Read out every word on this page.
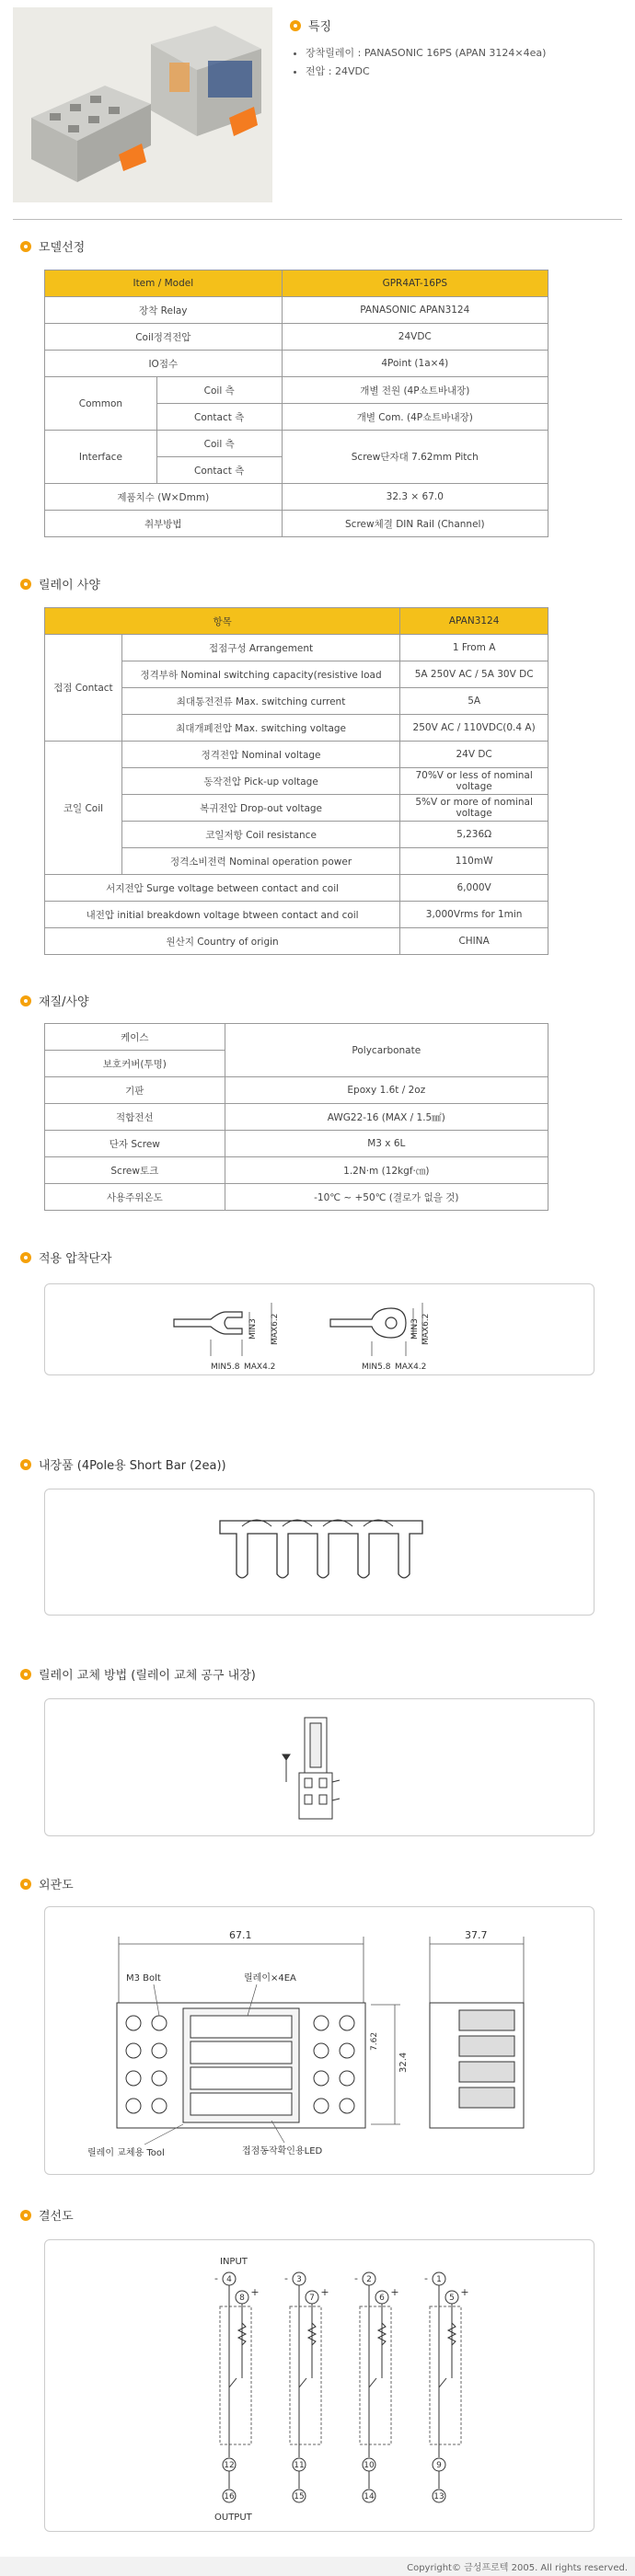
특징
• 장착릴레이 : PANASONIC 16PS (APAN 3124×4ea)
• 전압 : 24VDC
모델선정
Item / Model		GPR4AT-16PS
장착 Relay		PANASONIC APAN3124
Coil정격전압		24VDC
IO점수		4Point (1a×4)
Common	Coil 측	개별 전원 (4P쇼트바내장)
	Contact 측	개별 Com. (4P쇼트바내장)
Interface	Coil 측	Screw단자대 7.62mm Pitch
	Contact 측	
제품치수 (W×Dmm)		32.3 × 67.0
취부방법		Screw체결 DIN Rail (Channel)
릴레이 사양
항목		APAN3124
접점 Contact	접점구성 Arrangement	1 From A
	정격부하 Nominal switching capacity(resistive load	5A 250V AC / 5A 30V DC
	최대통전전류 Max. switching current	5A
	최대개폐전압 Max. switching voltage	250V AC / 110VDC(0.4 A)
코일 Coil	정격전압 Nominal voltage	24V DC
	동작전압 Pick-up voltage	70%V or less of nominal voltage
	복귀전압 Drop-out voltage	5%V or more of nominal voltage
	코일저항 Coil resistance	5,236Ω
	정격소비전력 Nominal operation power	110mW
서지전압 Surge voltage between contact and coil		6,000V
내전압 initial breakdown voltage btween contact and coil		3,000Vrms for 1min
원산지 Country of origin		CHINA
재질/사양
케이스	Polycarbonate
보호커버(투명)	
기판	Epoxy 1.6t / 2oz
적합전선	AWG22-16 (MAX / 1.5㎟)
단자 Screw	M3 x 6L
Screw토크	1.2N·m (12kgf·㎝)
사용주위온도	-10℃ ~ +50℃ (결로가 없을 것)
적용 압착단자
MIN3 MAX6.2	MIN3 MAX6.2
MIN5.8 MAX4.2	MIN5.8 MAX4.2
내장품 (4Pole용 Short Bar (2ea))
릴레이 교체 방법 (릴레이 교체 공구 내장)
외관도
67.1	37.7
7.62
32.4
M3 Bolt	릴레이×4EA
릴레이 교체용 Tool	접점동작확인용LED
결선도
INPUT
OUTPUT
4
-
8 +
12
16
3
-
7 +
11
15
2
-
6 +
10
14
1
-
5 +
9
13
Copyright© 금성프로텍 2005. All rights reserved.
